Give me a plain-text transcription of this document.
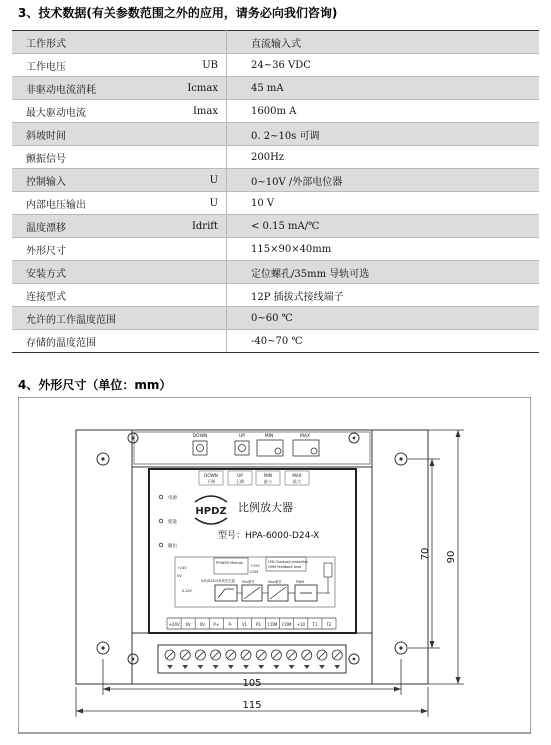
3、技术数据(有关参数范围之外的应用，请务必向我们咨询)
工作形式		直流输入式
工作电压	UB	24~36 VDC
非驱动电流消耗	Icmax	45 mA
最大驱动电流	Imax	1600m A
斜坡时间		0. 2~10s 可调
颤振信号		200Hz
控制输入	U	0~10V /外部电位器
内部电压输出	U	10 V
温度漂移	Idrift	< 0.15 mA/℃
外形尺寸		115×90×40mm
安装方式		定位螺孔/35mm 导轨可选
连接型式		12P 插拔式接线端子
允许的工作温度范围		0~60 ℃
存储的温度范围		-40~70 ℃
4、外形尺寸（单位：mm）
DOWN	UP	MIN	MAX
DOWN
下降
UP
上降
MIN
最小
MAX
最大
电源
使能
输出
HPDZ 比例放大器
型号：HPA-6000-D24-X
POWER Module
+15V
COM
LED Overload protection
OHM Feedback Area
+24V
0V
0-10V
U/S(D24V)斜坡发生器 Min调节	Max调节	PWM
+24V 0V 0V P+ P- V1 P1 COM COM +10 T1 T2
105
115
70 90
